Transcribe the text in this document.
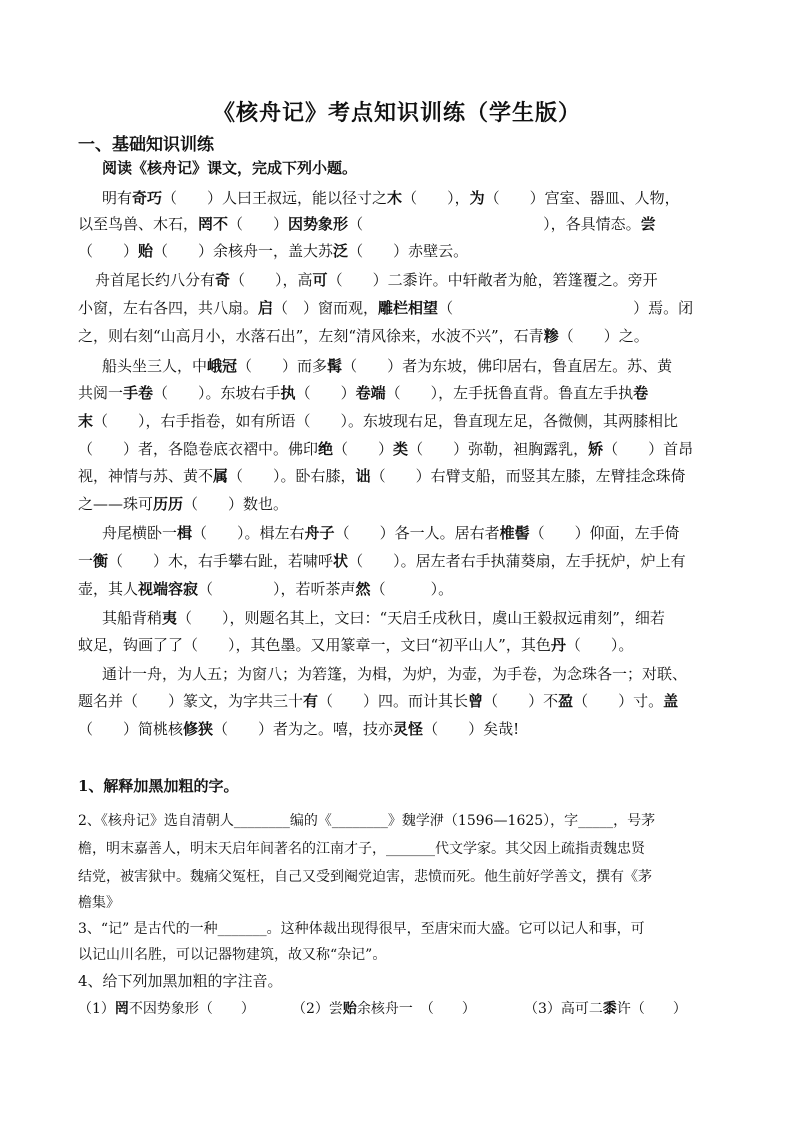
《核舟记》考点知识训练（学生版）
一、基础知识训练
阅读《核舟记》课文，完成下列小题。
明有奇巧（　　）人曰王叔远，能以径寸之木（　　），为（　　）宫室、器皿、人物，
以至鸟兽、木石，罔不（　　）因势象形（　　　　　　　　　　　　），各具情态。尝
（　　）贻（　　）余核舟一，盖大苏泛（　　）赤壁云。
舟首尾长约八分有奇（　　），高可（　　）二黍许。中轩敞者为舱，箬篷覆之。旁开
小窗，左右各四，共八扇。启（　）窗而观，雕栏相望（　　　　　　　　　　　　）焉。闭
之，则右刻“山高月小，水落石出”，左刻“清风徐来，水波不兴”，石青糁（　　）之。
船头坐三人，中峨冠（　　）而多髯（　　）者为东坡，佛印居右，鲁直居左。苏、黄
共阅一手卷（　　）。东坡右手执（　　）卷端（　　），左手抚鲁直背。鲁直左手执卷
末（　　），右手指卷，如有所语（　　）。东坡现右足，鲁直现左足，各微侧，其两膝相比
（　　）者，各隐卷底衣褶中。佛印绝（　　）类（　　）弥勒，袒胸露乳，矫（　　）首昂
视，神情与苏、黄不属（　　）。卧右膝，诎（　　）右臂支船，而竖其左膝，左臂挂念珠倚
之——珠可历历（　　）数也。
舟尾横卧一楫（　　）。楫左右舟子（　　）各一人。居右者椎髻（　　）仰面，左手倚
一衡（　　）木，右手攀右趾，若啸呼状（　　）。居左者右手执蒲葵扇，左手抚炉，炉上有
壶，其人视端容寂（　　　　），若听茶声然（　　　）。
其船背稍夷（　　），则题名其上，文曰：“天启壬戌秋日，虞山王毅叔远甫刻”，细若
蚊足，钩画了了（　　），其色墨。又用篆章一，文曰“初平山人”，其色丹（　　）。
通计一舟，为人五；为窗八；为箬篷，为楫，为炉，为壶，为手卷，为念珠各一；对联、
题名并（　　）篆文，为字共三十有（　　）四。而计其长曾（　　）不盈（　　）寸。盖
（　　）简桃核修狭（　　）者为之。嘻，技亦灵怪（　　）矣哉!
1、解释加黑加粗的字。
2、《核舟记》选自清朝人________编的《________》魏学洢（1596—1625），字_____，号茅
檐，明末嘉善人，明末天启年间著名的江南才子，_______代文学家。其父因上疏指责魏忠贤
结党，被害狱中。魏痛父冤枉，自己又受到阉党迫害，悲愤而死。他生前好学善文，撰有《茅
檐集》
3、“记” 是古代的一种_______。这种体裁出现得很早，至唐宋而大盛。它可以记人和事，可
以记山川名胜，可以记器物建筑，故又称“杂记”。
4、给下列加黑加粗的字注音。
（1）罔不因势象形（　　）	（2）尝贻余核舟一　（　　）	（3）高可二黍许（　　）
